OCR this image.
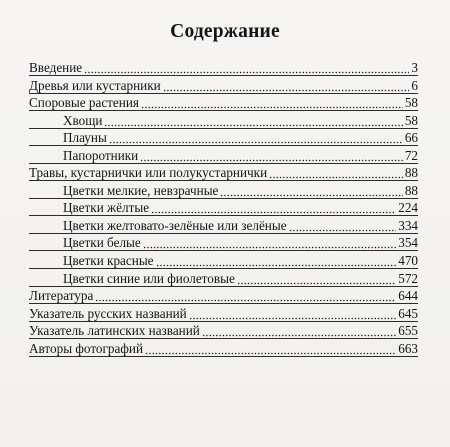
Содержание
Введение	3
Древья или кустарники	6
Споровые растения	58
Хвощи	58
Плауны	66
Папоротники	72
Травы, кустарнички или полукустарнички	88
Цветки мелкие, невзрачные	88
Цветки жёлтые	224
Цветки желтовато-зелёные или зелёные	334
Цветки белые	354
Цветки красные	470
Цветки синие или фиолетовые	572
Литература	644
Указатель русских названий	645
Указатель латинских названий	655
Авторы фотографий	663
